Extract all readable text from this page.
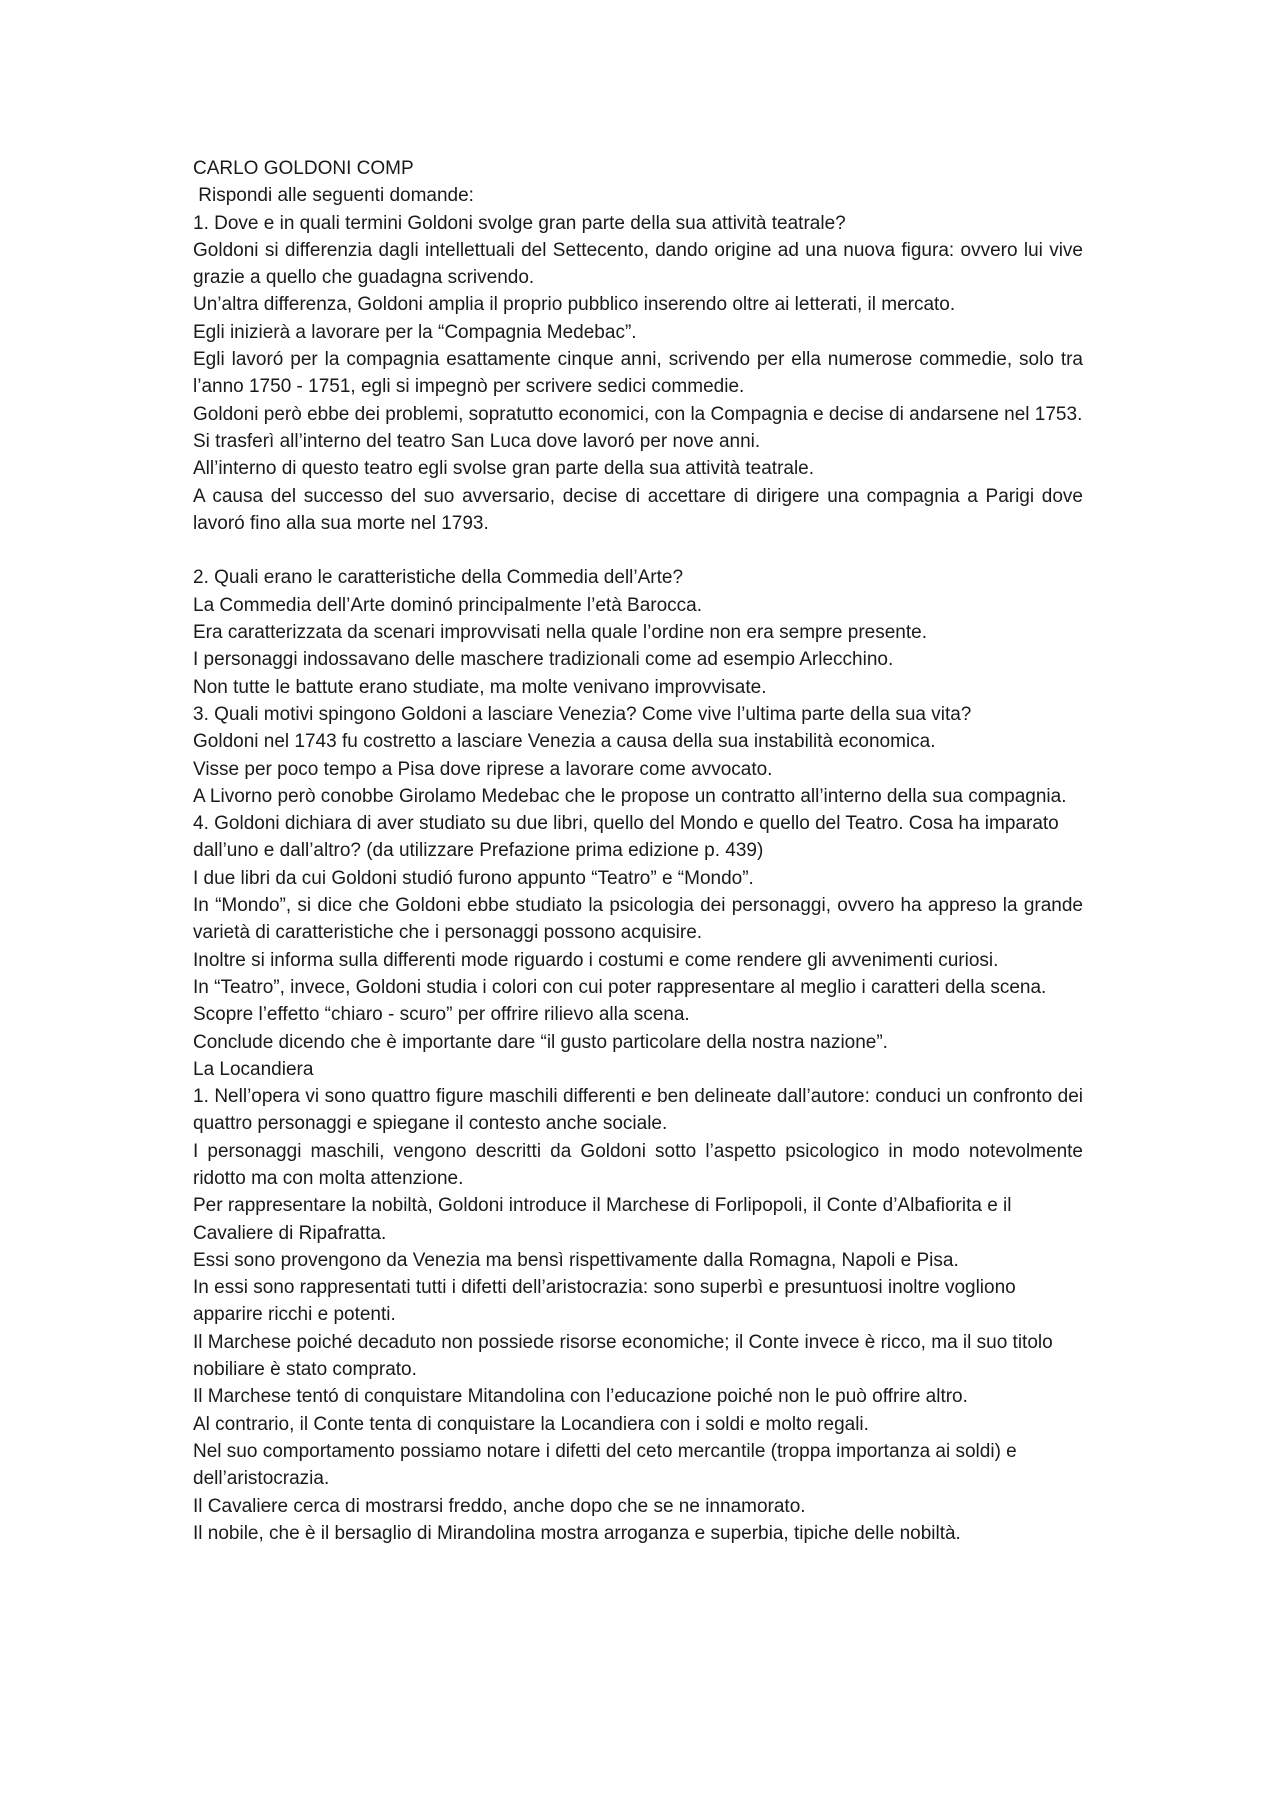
CARLO GOLDONI COMP

Rispondi alle seguenti domande:

1. Dove e in quali termini Goldoni svolge gran parte della sua attività teatrale?

Goldoni si differenzia dagli intellettuali del Settecento, dando origine ad una nuova figura: ovvero lui vive grazie a quello che guadagna scrivendo.

Un’altra differenza, Goldoni amplia il proprio pubblico inserendo oltre ai letterati, il mercato.

Egli inizierà a lavorare per la “Compagnia Medebac”.

Egli lavoró per la compagnia esattamente cinque anni, scrivendo per ella numerose commedie, solo tra l’anno 1750 - 1751, egli si impegnò per scrivere sedici commedie.

Goldoni però ebbe dei problemi, sopratutto economici, con la Compagnia e decise di andarsene nel 1753.

Si trasferì all’interno del teatro San Luca dove lavoró per nove anni.

All’interno di questo teatro egli svolse gran parte della sua attività teatrale.

A causa del successo del suo avversario, decise di accettare di dirigere una compagnia a Parigi dove lavoró fino alla sua morte nel 1793.

2. Quali erano le caratteristiche della Commedia dell’Arte?

La Commedia dell’Arte dominó principalmente l’età Barocca.

Era caratterizzata da scenari improvvisati nella quale l’ordine non era sempre presente.

I personaggi indossavano delle maschere tradizionali come ad esempio Arlecchino.

Non tutte le battute erano studiate, ma molte venivano improvvisate.

3. Quali motivi spingono Goldoni a lasciare Venezia? Come vive l’ultima parte della sua vita?

Goldoni nel 1743 fu costretto a lasciare Venezia a causa della sua instabilità economica.

Visse per poco tempo a Pisa dove riprese a lavorare come avvocato.

A Livorno però conobbe Girolamo Medebac che le propose un contratto all’interno della sua compagnia.

4. Goldoni dichiara di aver studiato su due libri, quello del Mondo e quello del Teatro. Cosa ha imparato dall’uno e dall’altro? (da utilizzare Prefazione prima edizione p. 439)

I due libri da cui Goldoni studió furono appunto “Teatro” e “Mondo”.

In “Mondo”, si dice che Goldoni ebbe studiato la psicologia dei personaggi, ovvero ha appreso la grande varietà di caratteristiche che i personaggi possono acquisire.

Inoltre si informa sulla differenti mode riguardo i costumi e come rendere gli avvenimenti curiosi.

In “Teatro”, invece, Goldoni studia i colori con cui poter rappresentare al meglio i caratteri della scena.

Scopre l’effetto “chiaro - scuro” per offrire rilievo alla scena.

Conclude dicendo che è importante dare “il gusto particolare della nostra nazione”.

La Locandiera

1. Nell’opera vi sono quattro figure maschili differenti e ben delineate dall’autore: conduci un confronto dei quattro personaggi e spiegane il contesto anche sociale.

I personaggi maschili, vengono descritti da Goldoni sotto l’aspetto psicologico in modo notevolmente ridotto ma con molta attenzione.

Per rappresentare la nobiltà, Goldoni introduce il Marchese di Forlipopoli, il Conte d’Albafiorita e il Cavaliere di Ripafratta.

Essi sono provengono da Venezia ma bensì rispettivamente dalla Romagna, Napoli e Pisa.

In essi sono rappresentati tutti i difetti dell’aristocrazia: sono superbì e presuntuosi inoltre vogliono apparire ricchi e potenti.

Il Marchese poiché decaduto non possiede risorse economiche; il Conte invece è ricco, ma il suo titolo nobiliare è stato comprato.

Il Marchese tentó di conquistare Mitandolina con l’educazione poiché non le può offrire altro.

Al contrario, il Conte tenta di conquistare la Locandiera con i soldi e molto regali.

Nel suo comportamento possiamo notare i difetti del ceto mercantile (troppa importanza ai soldi) e dell’aristocrazia.

Il Cavaliere cerca di mostrarsi freddo, anche dopo che se ne innamorato.

Il nobile, che è il bersaglio di Mirandolina mostra arroganza e superbia, tipiche delle nobiltà.
